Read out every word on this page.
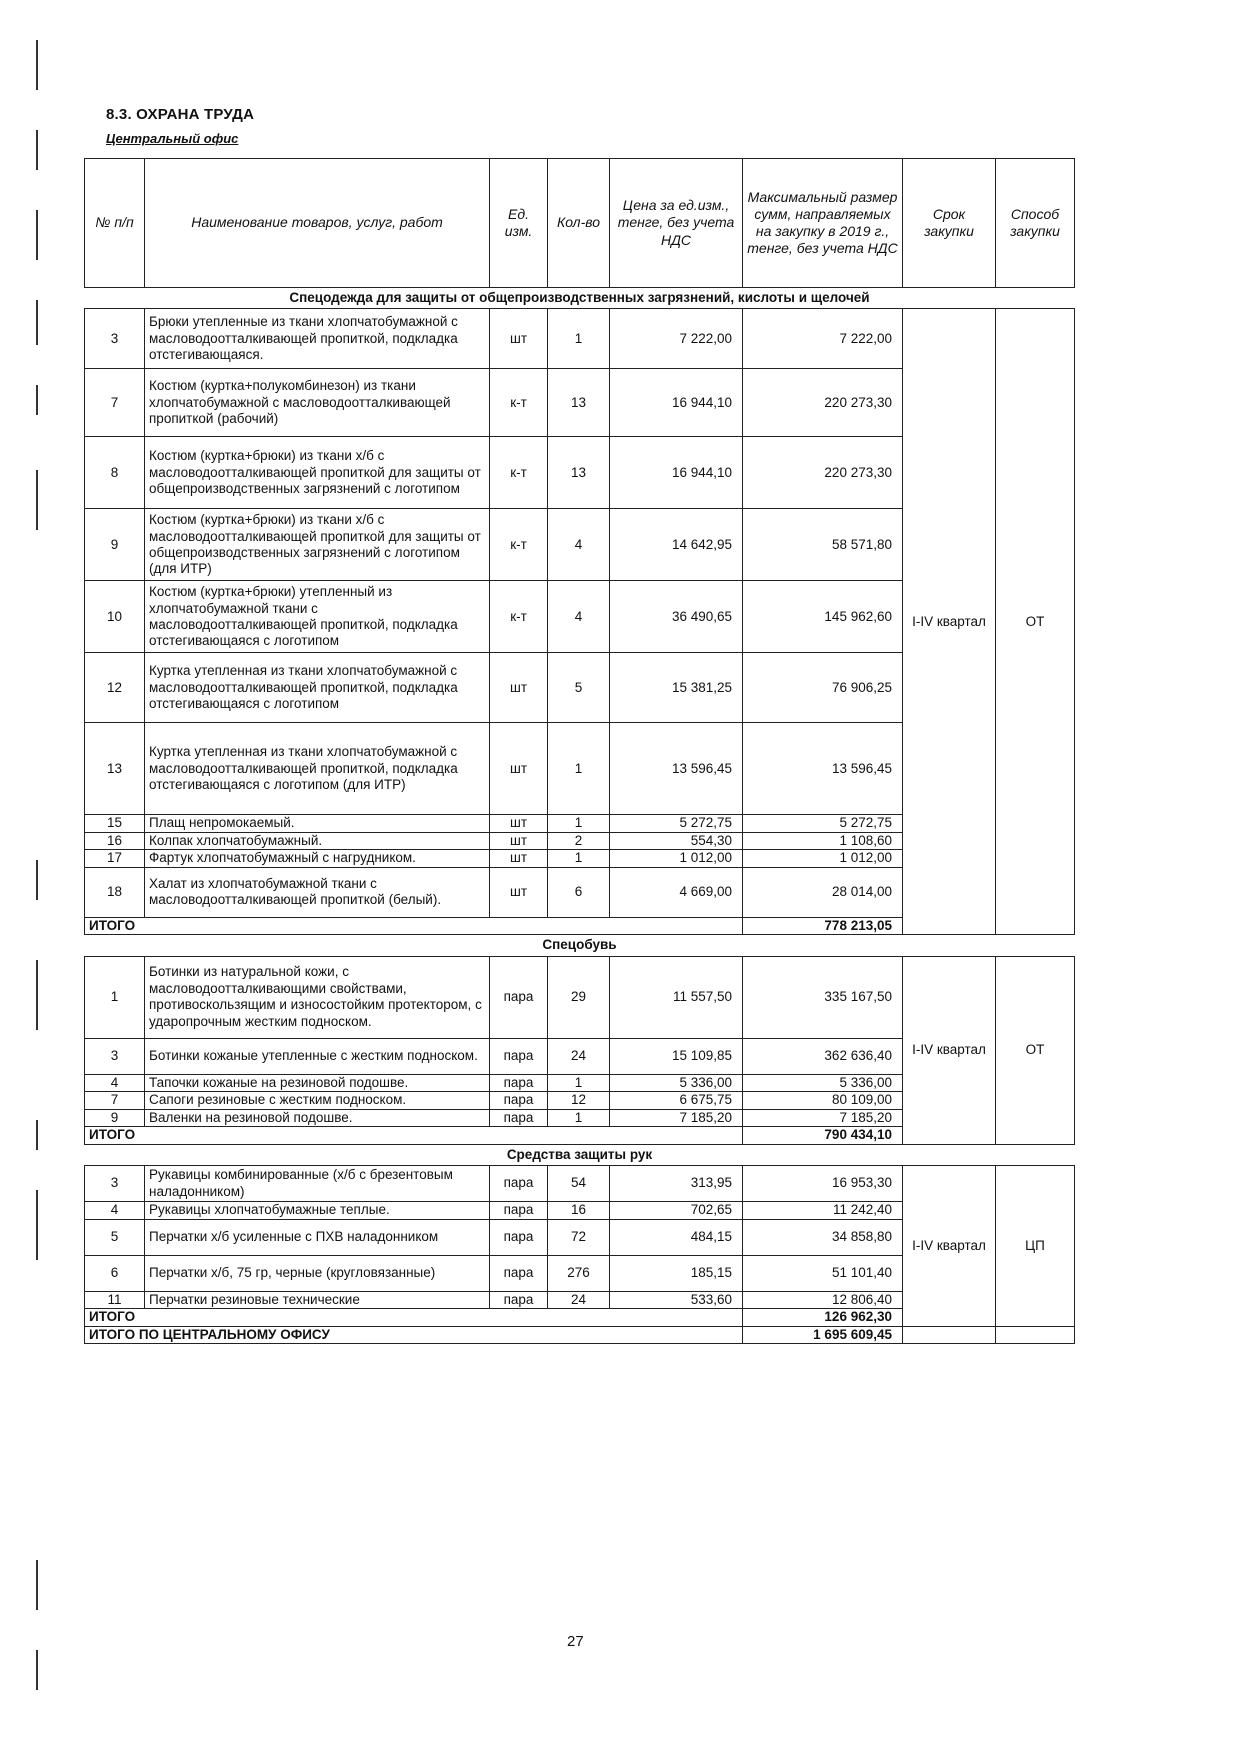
8.3. ОХРАНА ТРУДА
Центральный офис
№ п/п	Наименование товаров, услуг, работ	Ед. изм.	Кол-во	Цена за ед.изм., тенге, без учета НДС	Максимальный размер сумм, направляемых на закупку в 2019 г., тенге, без учета НДС	Срок закупки	Способ закупки
Спецодежда для защиты от общепроизводственных загрязнений, кислоты и щелочей							
3	Брюки утепленные из ткани хлопчатобумажной с масловодоотталкивающей пропиткой, подкладка отстегивающаяся.	шт	1	7 222,00	7 222,00	I-IV квартал	ОТ
7	Костюм (куртка+полукомбинезон) из ткани хлопчатобумажной с масловодоотталкивающей пропиткой (рабочий)	к-т	13	16 944,10	220 273,30		
8	Костюм (куртка+брюки) из ткани х/б с масловодоотталкивающей пропиткой для защиты от общепроизводственных загрязнений с логотипом	к-т	13	16 944,10	220 273,30		
9	Костюм (куртка+брюки) из ткани х/б с масловодоотталкивающей пропиткой для защиты от общепроизводственных загрязнений с логотипом (для ИТР)	к-т	4	14 642,95	58 571,80		
10	Костюм (куртка+брюки) утепленный из хлопчатобумажной ткани с масловодоотталкивающей пропиткой, подкладка отстегивающаяся с логотипом	к-т	4	36 490,65	145 962,60		
12	Куртка утепленная из ткани хлопчатобумажной с масловодоотталкивающей пропиткой, подкладка отстегивающаяся с логотипом	шт	5	15 381,25	76 906,25		
13	Куртка утепленная из ткани хлопчатобумажной с масловодоотталкивающей пропиткой, подкладка отстегивающаяся с логотипом (для ИТР)	шт	1	13 596,45	13 596,45		
15	Плащ непромокаемый.	шт	1	5 272,75	5 272,75		
16	Колпак хлопчатобумажный.	шт	2	554,30	1 108,60		
17	Фартук хлопчатобумажный с нагрудником.	шт	1	1 012,00	1 012,00		
18	Халат из хлопчатобумажной ткани с масловодоотталкивающей пропиткой (белый).	шт	6	4 669,00	28 014,00		
ИТОГО					778 213,05		
Спецобувь							
1	Ботинки из натуральной кожи, с масловодоотталкивающими свойствами, противоскользящим и износостойким протектором, с ударопрочным жестким подноском.	пара	29	11 557,50	335 167,50	I-IV квартал	ОТ
3	Ботинки кожаные утепленные с жестким подноском.	пара	24	15 109,85	362 636,40		
4	Тапочки кожаные на резиновой подошве.	пара	1	5 336,00	5 336,00		
7	Сапоги резиновые с жестким подноском.	пара	12	6 675,75	80 109,00		
9	Валенки на резиновой подошве.	пара	1	7 185,20	7 185,20		
ИТОГО					790 434,10		
Средства защиты рук							
3	Рукавицы комбинированные (х/б с брезентовым наладонником)	пара	54	313,95	16 953,30	I-IV квартал	ЦП
4	Рукавицы хлопчатобумажные теплые.	пара	16	702,65	11 242,40		
5	Перчатки х/б усиленные с ПХВ наладонником	пара	72	484,15	34 858,80		
6	Перчатки х/б, 75 гр, черные (кругловязанные)	пара	276	185,15	51 101,40		
11	Перчатки резиновые технические	пара	24	533,60	12 806,40		
ИТОГО					126 962,30		
ИТОГО ПО ЦЕНТРАЛЬНОМУ ОФИСУ					1 695 609,45		
27
